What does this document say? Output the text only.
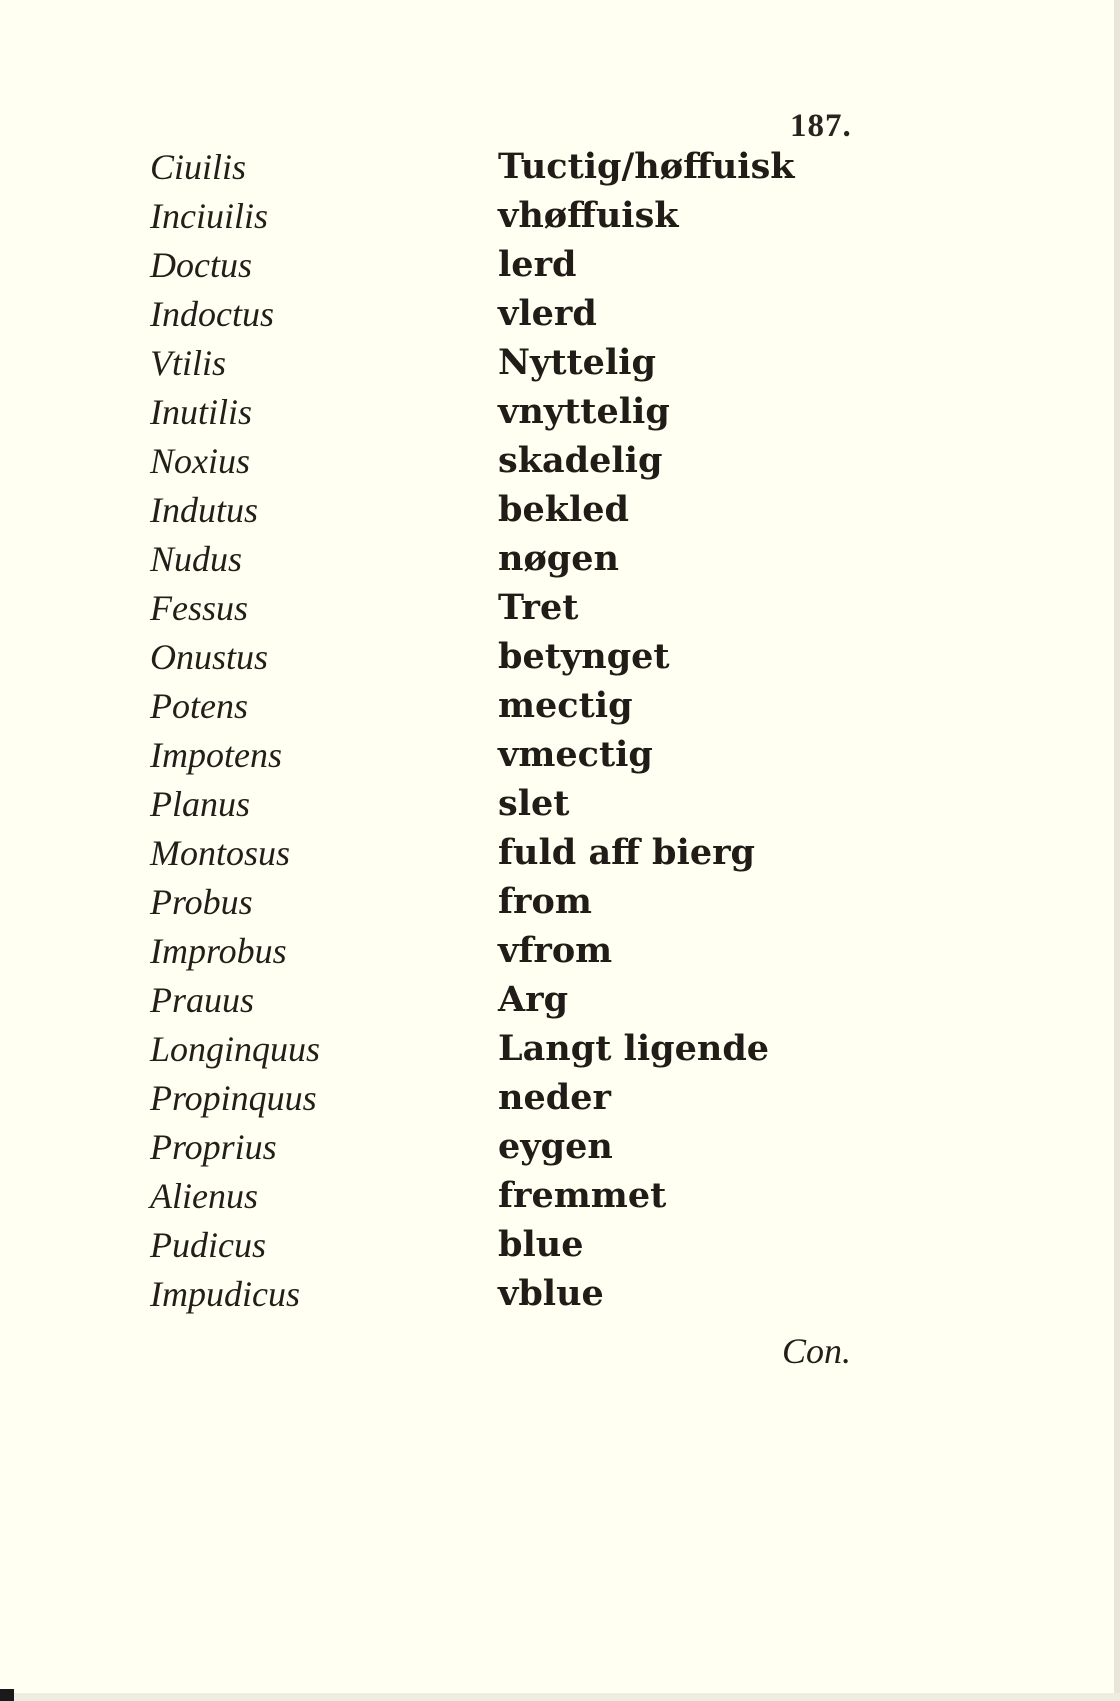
187.
Ciuilis	Tuctig/høffuisk
Inciuilis	vhøffuisk
Doctus	lerd
Indoctus	vlerd
Vtilis	Nyttelig
Inutilis	vnyttelig
Noxius	skadelig
Indutus	bekled
Nudus	nøgen
Fessus	Tret
Onustus	betynget
Potens	mectig
Impotens	vmectig
Planus	slet
Montosus	fuld aff bierg
Probus	from
Improbus	vfrom
Prauus	Arg
Longinquus	Langt ligende
Propinquus	neder
Proprius	eygen
Alienus	fremmet
Pudicus	blue
Impudicus	vblue
Con.
